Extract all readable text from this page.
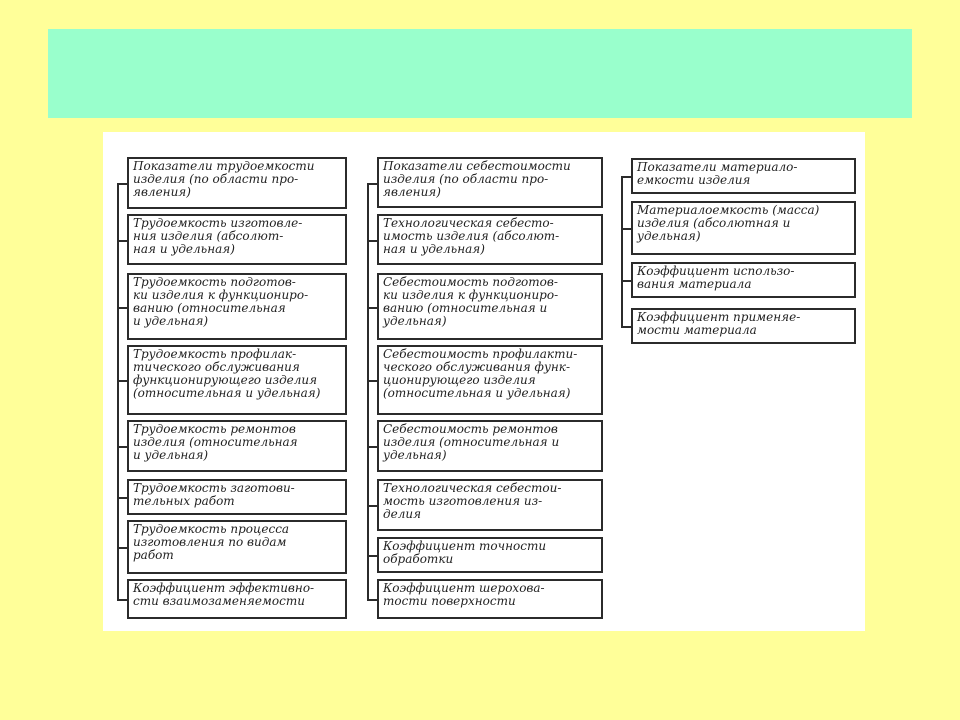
Показатели трудоемкости
изделия (по области про-
явления)
Трудоемкость изготовле-
ния изделия (абсолют-
ная и удельная)
Трудоемкость подготов-
ки изделия к функциониро-
ванию (относительная
и удельная)
Трудоемкость профилак-
тического обслуживания
функционирующего изделия
(относительная и удельная)
Трудоемкость ремонтов
изделия (относительная
и удельная)
Трудоемкость заготови-
тельных работ
Трудоемкость процесса
изготовления по видам
работ
Коэффициент эффективно-
сти взаимозаменяемости
Показатели себестоимости
изделия (по области про-
явления)
Технологическая себесто-
имость изделия (абсолют-
ная и удельная)
Себестоимость подготов-
ки изделия к функциониро-
ванию (относительная и
удельная)
Себестоимость профилакти-
ческого обслуживания функ-
ционирующего изделия
(относительная и удельная)
Себестоимость ремонтов
изделия (относительная и
удельная)
Технологическая себестои-
мость изготовления из-
делия
Коэффициент точности
обработки
Коэффициент шерохова-
тости поверхности
Показатели материало-
емкости изделия
Материалоемкость (масса)
изделия (абсолютная и
удельная)
Коэффициент использо-
вания материала
Коэффициент применяе-
мости материала
